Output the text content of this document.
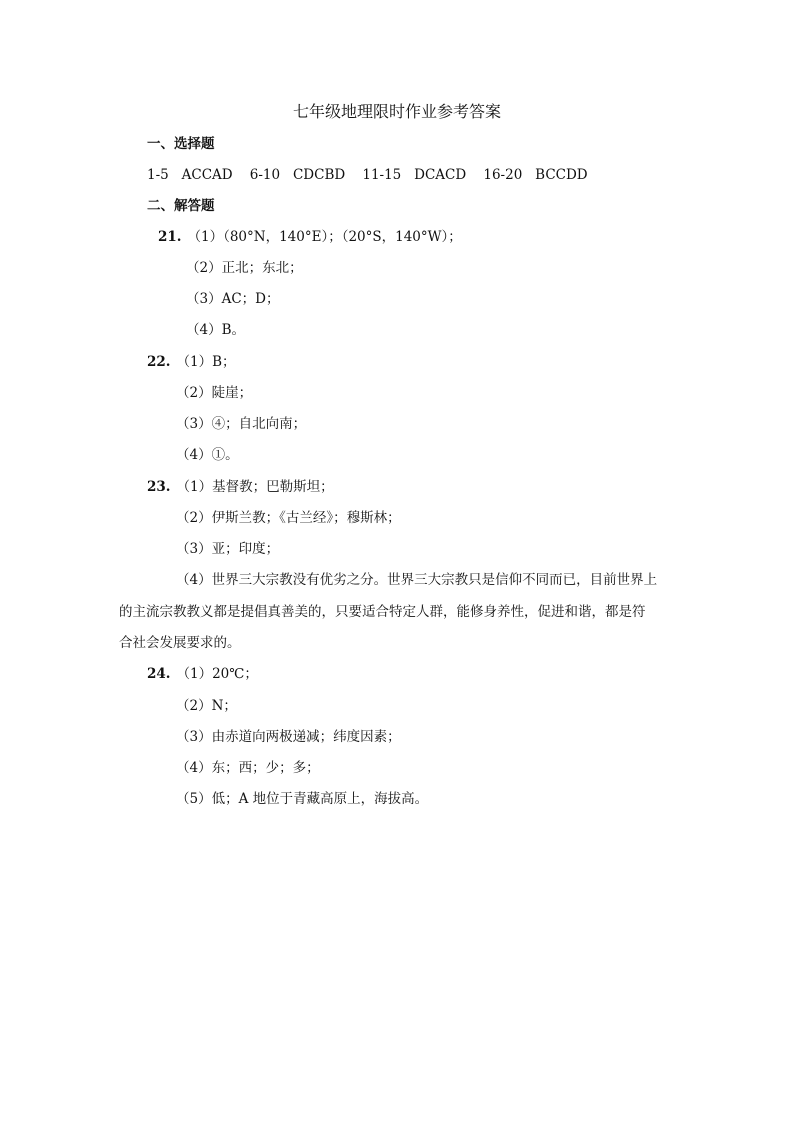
七年级地理限时作业参考答案
一、选择题
1-5   ACCAD    6-10   CDCBD    11-15   DCACD    16-20   BCCDD
二、解答题
21. （1）（80°N，140°E）；（20°S，140°W）；
（2）正北；东北；
（3）AC；D；
（4）B。
22. （1）B；
（2）陡崖；
（3）④；自北向南；
（4）①。
23. （1）基督教；巴勒斯坦；
（2）伊斯兰教；《古兰经》；穆斯林；
（3）亚；印度；
（4）世界三大宗教没有优劣之分。世界三大宗教只是信仰不同而已，目前世界上
的主流宗教教义都是提倡真善美的，只要适合特定人群，能修身养性，促进和谐，都是符
合社会发展要求的。
24. （1）20℃；
（2）N；
（3）由赤道向两极递减；纬度因素；
（4）东；西；少；多；
（5）低；A 地位于青藏高原上，海拔高。
